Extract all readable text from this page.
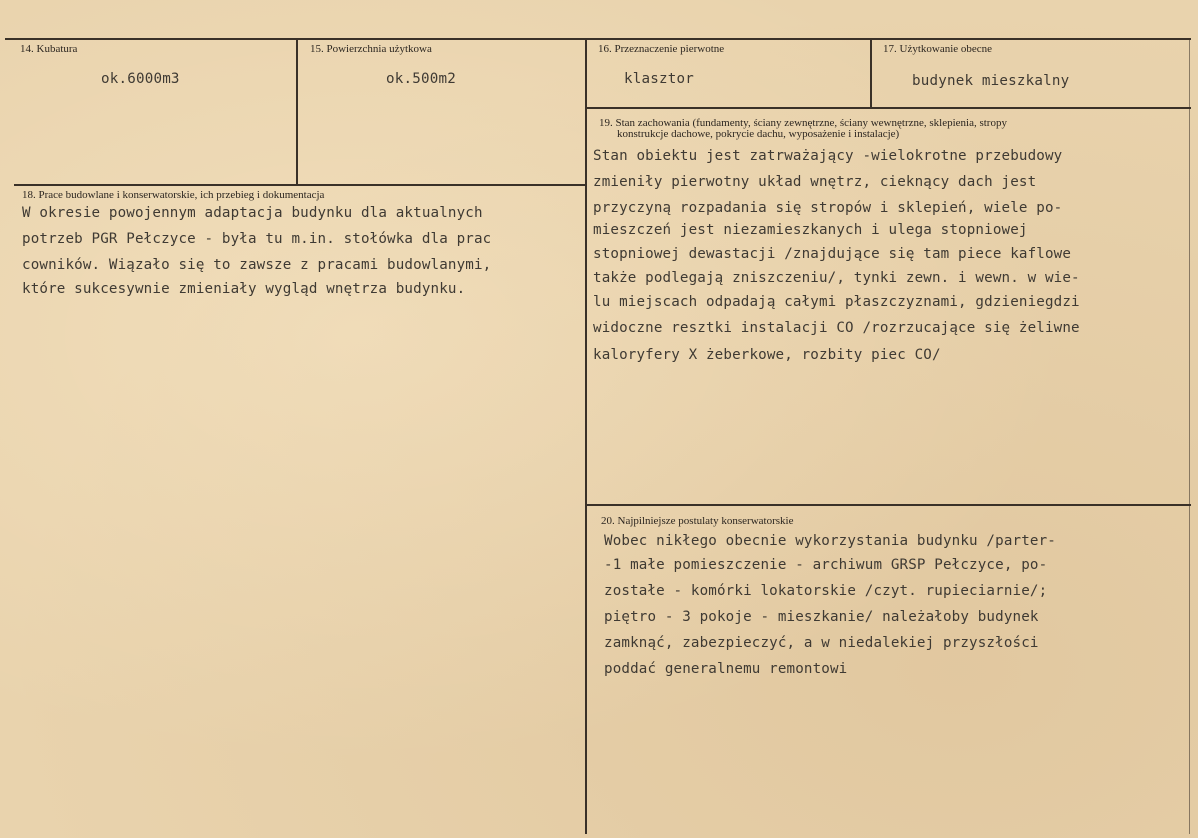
14. Kubatura
ok.6000m3
15. Powierzchnia użytkowa
ok.500m2
16. Przeznaczenie pierwotne
klasztor
17. Użytkowanie obecne
budynek mieszkalny
18. Prace budowlane i konserwatorskie, ich przebieg i dokumentacja
W okresie powojennym adaptacja budynku dla aktualnych
potrzeb PGR Pełczyce - była tu m.in. stołówka dla prac
cowników. Wiązało się to zawsze z pracami budowlanymi,
które sukcesywnie zmieniały wygląd wnętrza budynku.
19. Stan zachowania (fundamenty, ściany zewnętrzne, ściany wewnętrzne, sklepienia, stropy
konstrukcje dachowe, pokrycie dachu, wyposażenie i instalacje)
Stan obiektu jest zatrważający -wielokrotne przebudowy
zmieniły pierwotny układ wnętrz, cieknący dach jest
przyczyną rozpadania się stropów i sklepień, wiele po-
mieszczeń jest niezamieszkanych i ulega stopniowej
stopniowej dewastacji /znajdujące się tam piece kaflowe
także podlegają zniszczeniu/, tynki zewn. i wewn. w wie-
lu miejscach odpadają całymi płaszczyznami, gdzieniegdzi
widoczne resztki instalacji CO /rozrzucające się żeliwne
kaloryfery X żeberkowe, rozbity piec CO/
20. Najpilniejsze postulaty konserwatorskie
Wobec nikłego obecnie wykorzystania budynku /parter-
-1 małe pomieszczenie - archiwum GRSP Pełczyce, po-
zostałe - komórki lokatorskie /czyt. rupieciarnie/;
piętro - 3 pokoje - mieszkanie/ należałoby budynek
zamknąć, zabezpieczyć, a w niedalekiej przyszłości
poddać generalnemu remontowi
